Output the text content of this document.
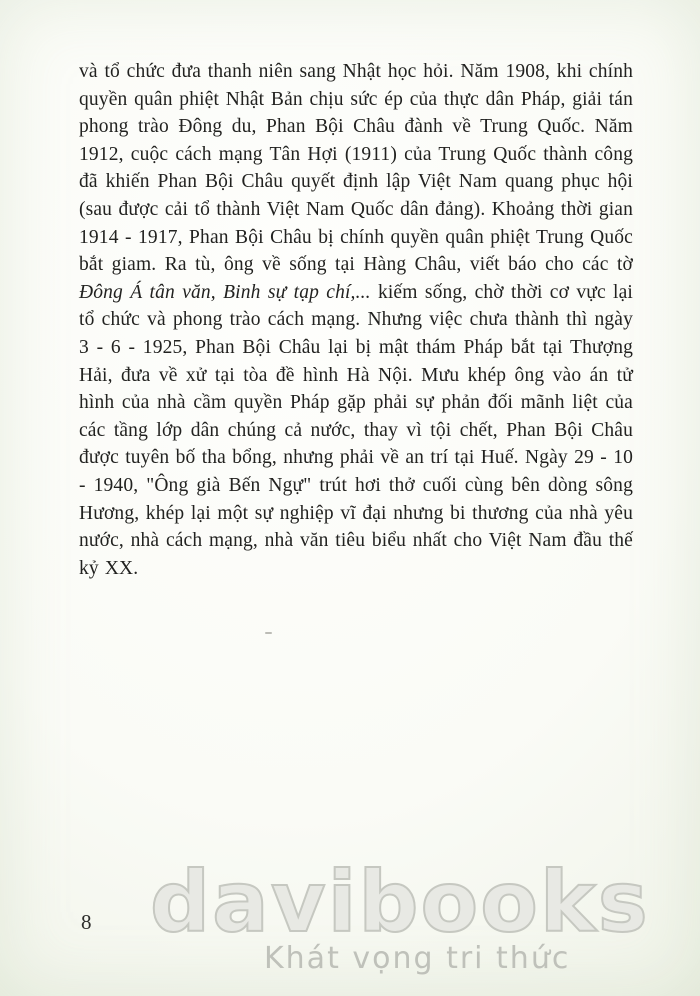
và tổ chức đưa thanh niên sang Nhật học hỏi. Năm 1908, khi chính quyền quân phiệt Nhật Bản chịu sức ép của thực dân Pháp, giải tán phong trào Đông du, Phan Bội Châu đành về Trung Quốc. Năm 1912, cuộc cách mạng Tân Hợi (1911) của Trung Quốc thành công đã khiến Phan Bội Châu quyết định lập Việt Nam quang phục hội (sau được cải tổ thành Việt Nam Quốc dân đảng). Khoảng thời gian 1914 - 1917, Phan Bội Châu bị chính quyền quân phiệt Trung Quốc bắt giam. Ra tù, ông về sống tại Hàng Châu, viết báo cho các tờ Đông Á tân văn, Binh sự tạp chí,... kiếm sống, chờ thời cơ vực lại tổ chức và phong trào cách mạng. Nhưng việc chưa thành thì ngày 3 - 6 - 1925, Phan Bội Châu lại bị mật thám Pháp bắt tại Thượng Hải, đưa về xử tại tòa đề hình Hà Nội. Mưu khép ông vào án tử hình của nhà cầm quyền Pháp gặp phải sự phản đối mãnh liệt của các tầng lớp dân chúng cả nước, thay vì tội chết, Phan Bội Châu được tuyên bố tha bổng, nhưng phải về an trí tại Huế. Ngày 29 - 10 - 1940, "Ông già Bến Ngự" trút hơi thở cuối cùng bên dòng sông Hương, khép lại một sự nghiệp vĩ đại nhưng bi thương của nhà yêu nước, nhà cách mạng, nhà văn tiêu biểu nhất cho Việt Nam đầu thế kỷ XX.
8 davibooks
Khát vọng tri thức
